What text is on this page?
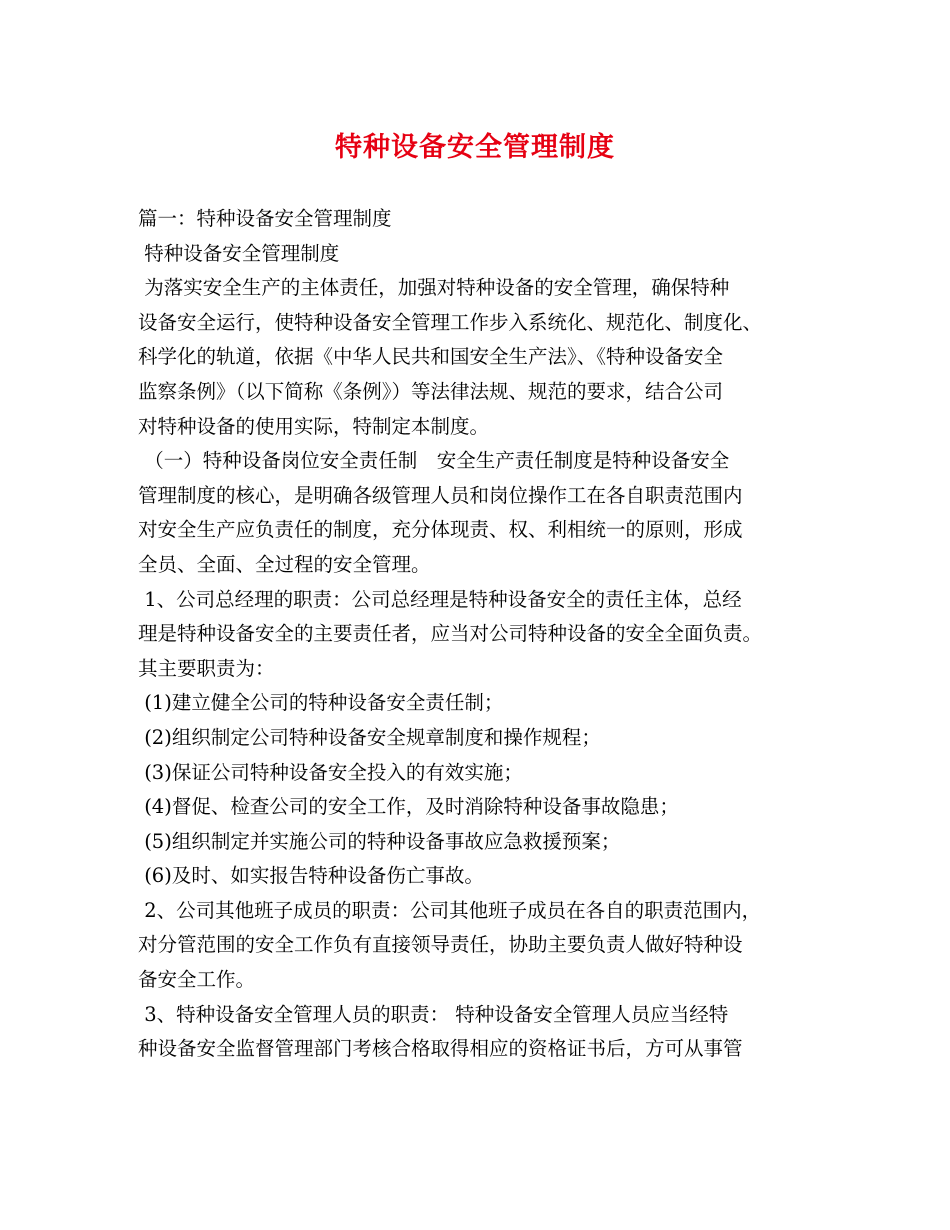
特种设备安全管理制度
篇一：特种设备安全管理制度
特种设备安全管理制度
为落实安全生产的主体责任，加强对特种设备的安全管理，确保特种
设备安全运行，使特种设备安全管理工作步入系统化、规范化、制度化、
科学化的轨道，依据《中华人民共和国安全生产法》、《特种设备安全
监察条例》（以下简称《条例》）等法律法规、规范的要求，结合公司
对特种设备的使用实际，特制定本制度。
（一）特种设备岗位安全责任制　安全生产责任制度是特种设备安全
管理制度的核心，是明确各级管理人员和岗位操作工在各自职责范围内
对安全生产应负责任的制度，充分体现责、权、利相统一的原则，形成
全员、全面、全过程的安全管理。
1、公司总经理的职责：公司总经理是特种设备安全的责任主体，总经
理是特种设备安全的主要责任者，应当对公司特种设备的安全全面负责。
其主要职责为：
(1)建立健全公司的特种设备安全责任制；
(2)组织制定公司特种设备安全规章制度和操作规程；
(3)保证公司特种设备安全投入的有效实施；
(4)督促、检查公司的安全工作，及时消除特种设备事故隐患；
(5)组织制定并实施公司的特种设备事故应急救援预案；
(6)及时、如实报告特种设备伤亡事故。
2、公司其他班子成员的职责：公司其他班子成员在各自的职责范围内，
对分管范围的安全工作负有直接领导责任，协助主要负责人做好特种设
备安全工作。
3、特种设备安全管理人员的职责： 特种设备安全管理人员应当经特
种设备安全监督管理部门考核合格取得相应的资格证书后，方可从事管
